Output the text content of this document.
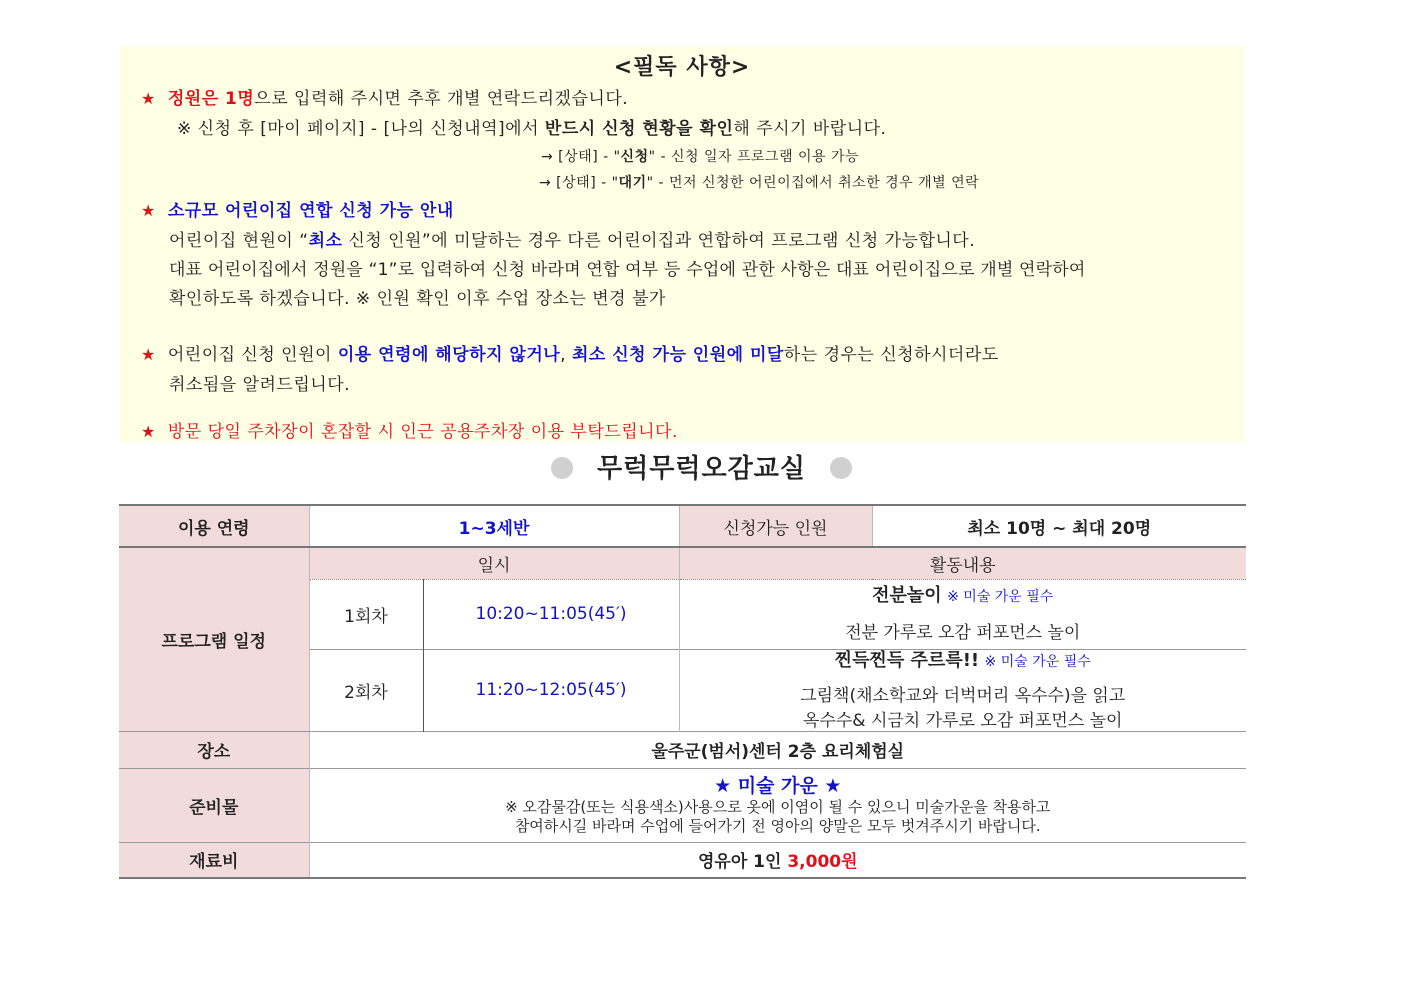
<필독 사항>
★ 정원은 1명으로 입력해 주시면 추후 개별 연락드리겠습니다.
※ 신청 후 [마이 페이지] - [나의 신청내역]에서 반드시 신청 현황을 확인해 주시기 바랍니다.
→ [상태] - "신청" - 신청 일자 프로그램 이용 가능
→ [상태] - "대기" - 먼저 신청한 어린이집에서 취소한 경우 개별 연락
★ 소규모 어린이집 연합 신청 가능 안내
어린이집 현원이 “최소 신청 인원”에 미달하는 경우 다른 어린이집과 연합하여 프로그램 신청 가능합니다.
대표 어린이집에서 정원을 “1”로 입력하여 신청 바라며 연합 여부 등 수업에 관한 사항은 대표 어린이집으로 개별 연락하여
확인하도록 하겠습니다. ※ 인원 확인 이후 수업 장소는 변경 불가
★ 어린이집 신청 인원이 이용 연령에 해당하지 않거나, 최소 신청 가능 인원에 미달하는 경우는 신청하시더라도
취소됨을 알려드립니다.
★ 방문 당일 주차장이 혼잡할 시 인근 공용주차장 이용 부탁드립니다.
무럭무럭오감교실
이용 연령	1~3세반		신청가능 인원	최소 10명 ~ 최대 20명
프로그램 일정	일시		활동내용	
	1회차	10:20~11:05(45′)	전분놀이 ※ 미술 가운 필수
전분 가루로 오감 퍼포먼스 놀이	

	2회차	11:20~12:05(45′)	찐득찐득 주르륵!! ※ 미술 가운 필수
그림책(채소학교와 더벅머리 옥수수)을 읽고
옥수수& 시금치 가루로 오감 퍼포먼스 놀이	

장소	울주군(범서)센터 2층 요리체험실			
준비물	★ 미술 가운 ★
※ 오감물감(또는 식용색소)사용으로 옷에 이염이 될 수 있으니 미술가운을 착용하고
참여하시길 바라며 수업에 들어가기 전 영아의 양말은 모두 벗겨주시기 바랍니다.			

재료비	영유아 1인 3,000원			
